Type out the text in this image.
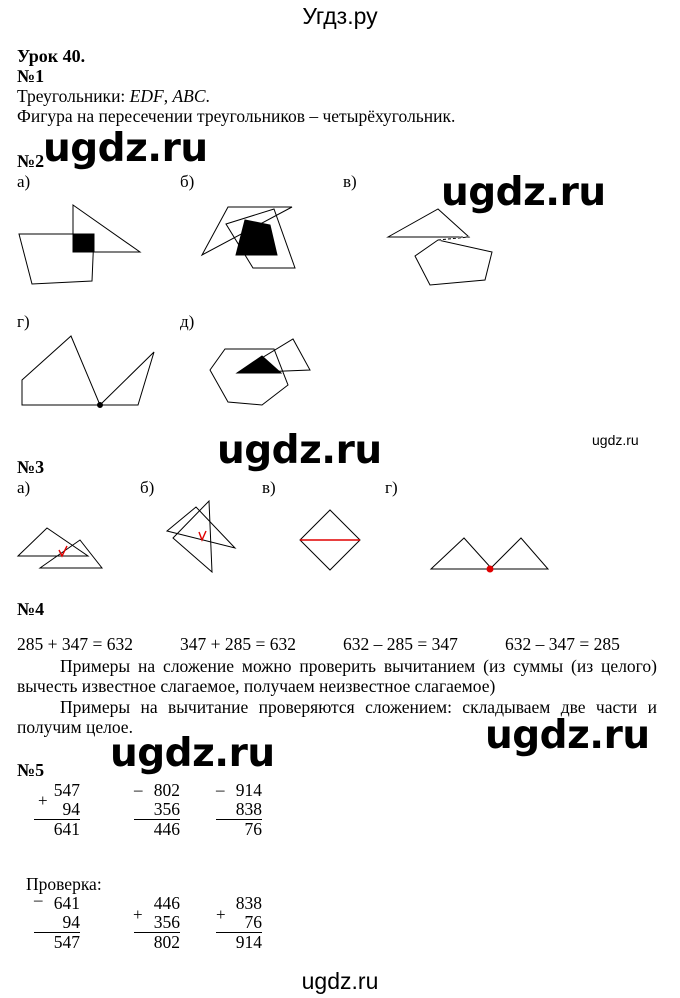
Угдз.ру
ugdz.ru
ugdz.ru
ugdz.ru	ugdz.ru
ugdz.ru
ugdz.ru
ugdz.ru
Урок 40.
№1
Треугольники: EDF, ABC.
Фигура на пересечении треугольников – четырёхугольник.
№2
а)	б)	в)
г)	д)
№3
а)	б)	в)	г)
№4
285 + 347 = 632	347 + 285 = 632	632 – 285 = 347	632 – 347 = 285
Примеры на сложение можно проверить вычитанием (из суммы (из целого) вычесть известное слагаемое, получаем неизвестное слагаемое)
Примеры на вычитание проверяются сложением: складываем две части и получим целое.
№5
+
547
94
641
– 802
356
446
– 914
838
76
Проверка:
– 641
94
547
+
446
356
802
+
838
76
914
